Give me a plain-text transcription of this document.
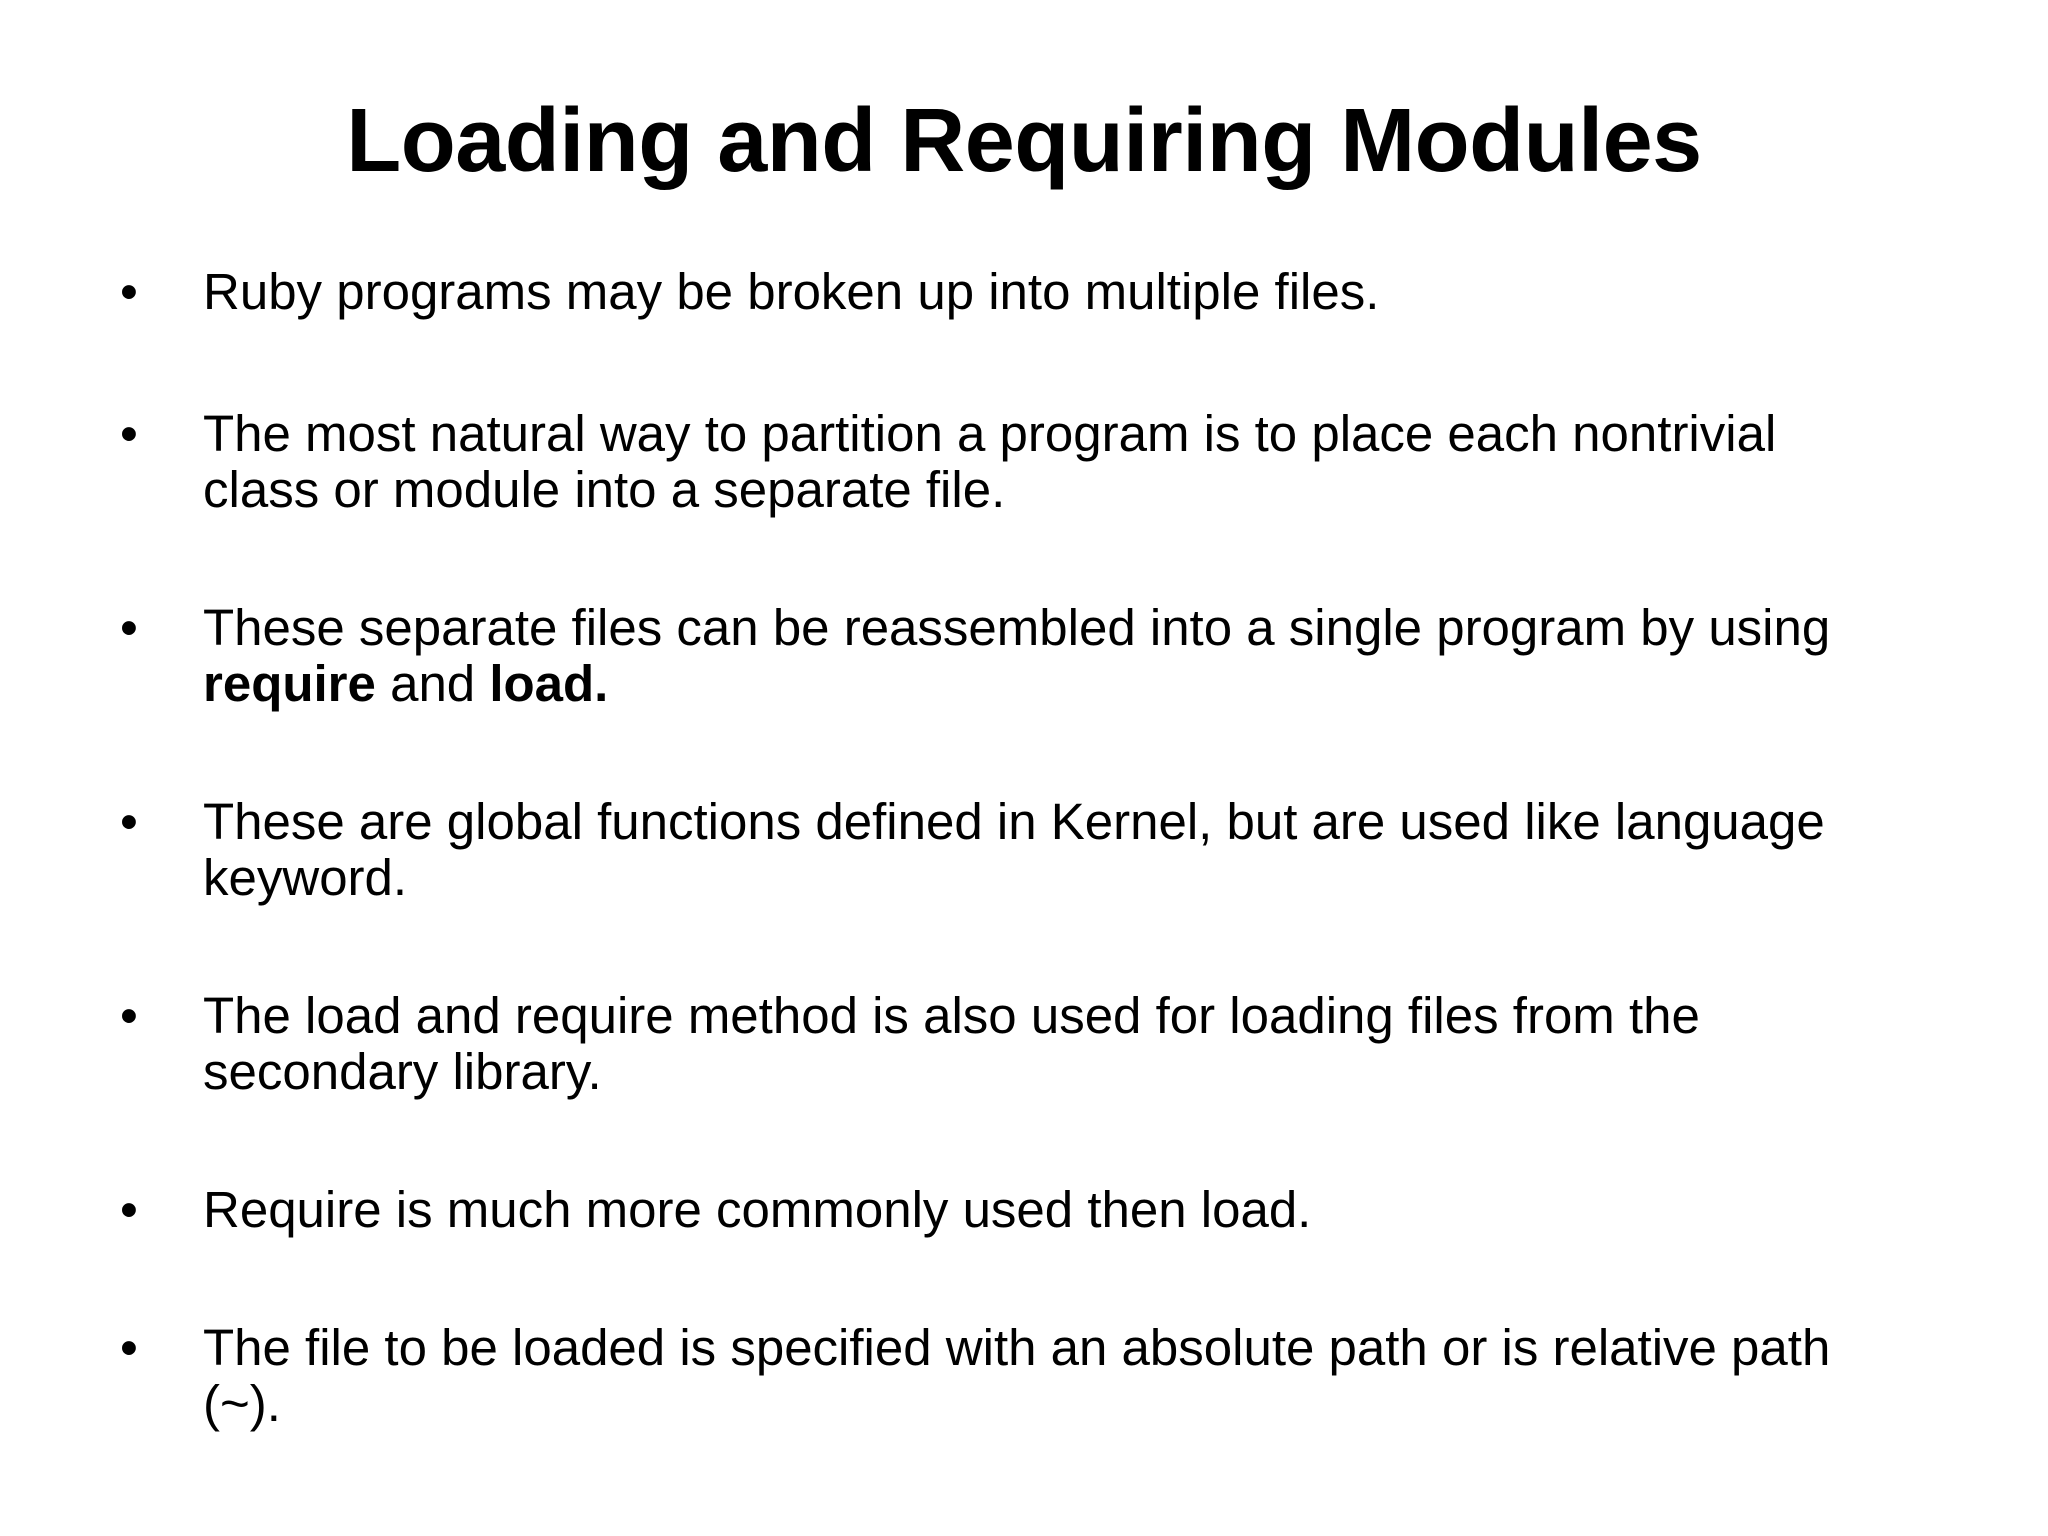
Loading and Requiring Modules
•	Ruby programs may be broken up into multiple files.
•	The most natural way to partition a program is to place each nontrivial
class or module into a separate file.
•	These separate files can be reassembled into a single program by using
require and load.
•	These are global functions defined in Kernel, but are used like language
keyword.
•	The load and require method is also used for loading files from the
secondary library.
•	Require is much more commonly used then load.
•	The file to be loaded is specified with an absolute path or is relative path
(~).
